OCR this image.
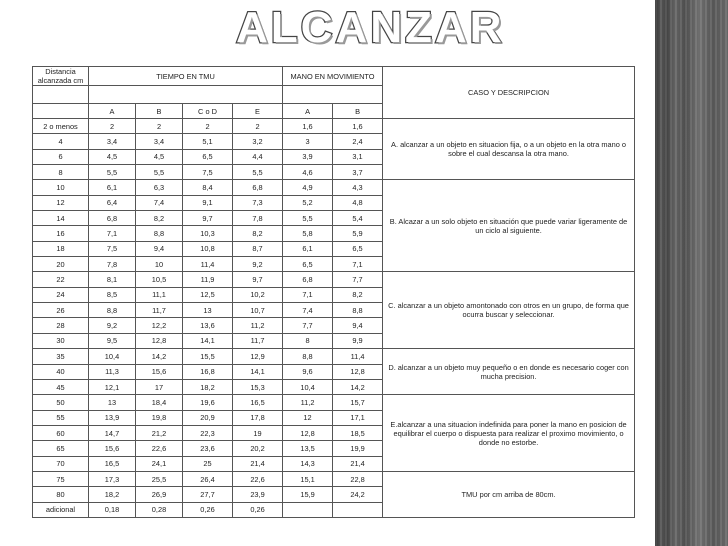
ALCANZAR
Distancia alcanzada cm	TIEMPO EN TMU				MANO EN MOVIMIENTO		CASO Y DESCRIPCION

	A	B	C o D	E	A	B	
2 o menos	2	2	2	2	1,6	1,6	A. alcanzar a un objeto en situacion fija, o a un objeto en la otra mano o sobre el cual descansa la otra mano.
4	3,4	3,4	5,1	3,2	3	2,4	
6	4,5	4,5	6,5	4,4	3,9	3,1	
8	5,5	5,5	7,5	5,5	4,6	3,7	
10	6,1	6,3	8,4	6,8	4,9	4,3	B. Alcazar a un solo objeto en situación que puede variar ligeramente de un ciclo al siguiente.
12	6,4	7,4	9,1	7,3	5,2	4,8	
14	6,8	8,2	9,7	7,8	5,5	5,4	
16	7,1	8,8	10,3	8,2	5,8	5,9	
18	7,5	9,4	10,8	8,7	6,1	6,5	
20	7,8	10	11,4	9,2	6,5	7,1	
22	8,1	10,5	11,9	9,7	6,8	7,7	C. alcanzar a un objeto amontonado con otros en un grupo, de forma que ocurra buscar y seleccionar.
24	8,5	11,1	12,5	10,2	7,1	8,2	
26	8,8	11,7	13	10,7	7,4	8,8	
28	9,2	12,2	13,6	11,2	7,7	9,4	
30	9,5	12,8	14,1	11,7	8	9,9	
35	10,4	14,2	15,5	12,9	8,8	11,4	D. alcanzar a un objeto muy pequeño o en donde es necesario coger con mucha precision.
40	11,3	15,6	16,8	14,1	9,6	12,8	
45	12,1	17	18,2	15,3	10,4	14,2	
50	13	18,4	19,6	16,5	11,2	15,7	E.alcanzar a una situacion indefinida para poner la mano en posicion de equilibrar el cuerpo o dispuesta para realizar el proximo movimiento, o donde no estorbe.
55	13,9	19,8	20,9	17,8	12	17,1	
60	14,7	21,2	22,3	19	12,8	18,5	
65	15,6	22,6	23,6	20,2	13,5	19,9	
70	16,5	24,1	25	21,4	14,3	21,4	
75	17,3	25,5	26,4	22,6	15,1	22,8	TMU por cm arriba de 80cm.
80	18,2	26,9	27,7	23,9	15,9	24,2	
adicional	0,18	0,28	0,26	0,26			
